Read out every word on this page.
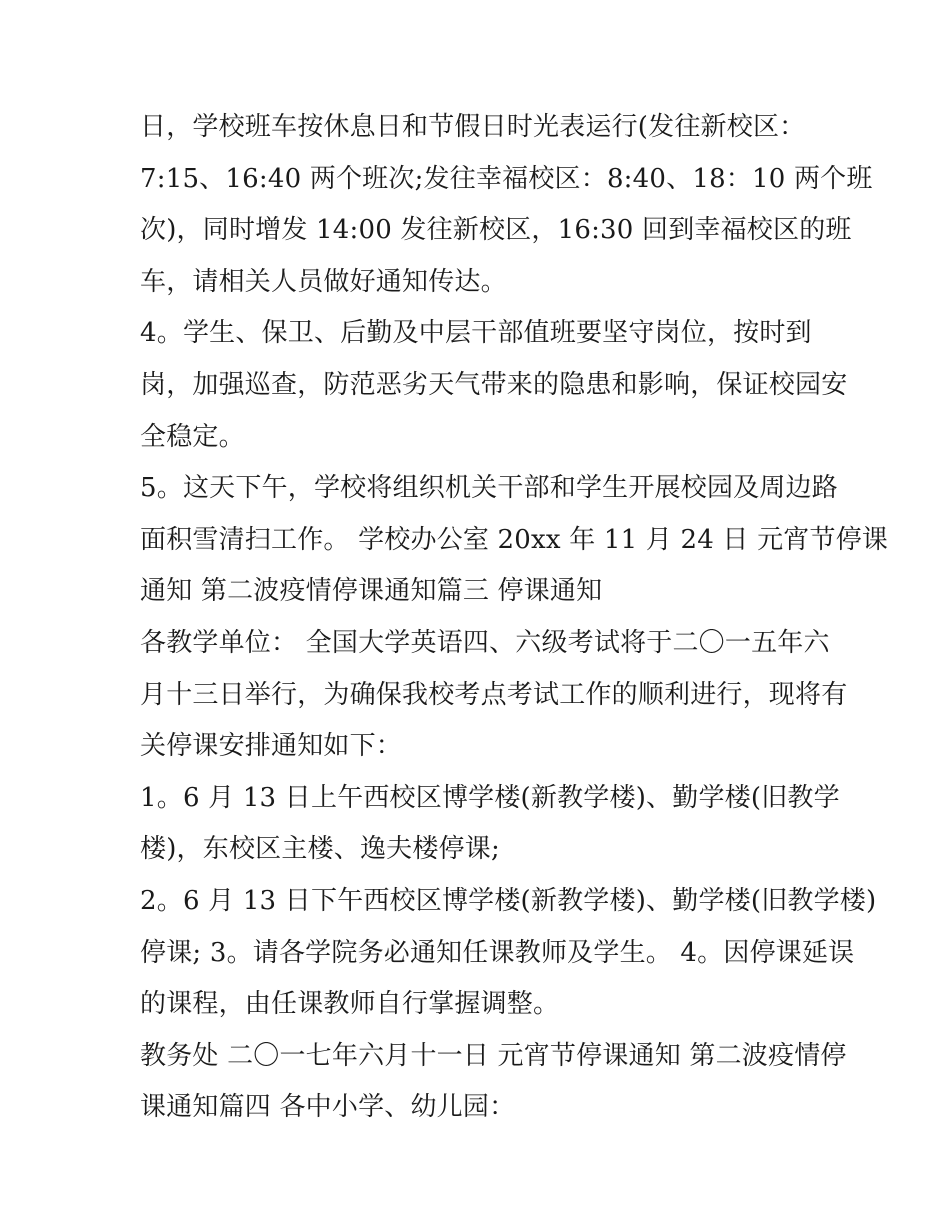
日，学校班车按休息日和节假日时光表运行(发往新校区：
7:15、16:40 两个班次;发往幸福校区：8:40、18：10 两个班
次)，同时增发 14:00 发往新校区，16:30 回到幸福校区的班
车，请相关人员做好通知传达。
4。学生、保卫、后勤及中层干部值班要坚守岗位，按时到
岗，加强巡查，防范恶劣天气带来的隐患和影响，保证校园安
全稳定。
5。这天下午，学校将组织机关干部和学生开展校园及周边路
面积雪清扫工作。 学校办公室 20xx 年 11 月 24 日 元宵节停课
通知 第二波疫情停课通知篇三 停课通知
各教学单位： 全国大学英语四、六级考试将于二〇一五年六
月十三日举行，为确保我校考点考试工作的顺利进行，现将有
关停课安排通知如下：
1。6 月 13 日上午西校区博学楼(新教学楼)、勤学楼(旧教学
楼)，东校区主楼、逸夫楼停课;
2。6 月 13 日下午西校区博学楼(新教学楼)、勤学楼(旧教学楼)
停课; 3。请各学院务必通知任课教师及学生。 4。因停课延误
的课程，由任课教师自行掌握调整。
教务处 二〇一七年六月十一日 元宵节停课通知 第二波疫情停
课通知篇四 各中小学、幼儿园：
